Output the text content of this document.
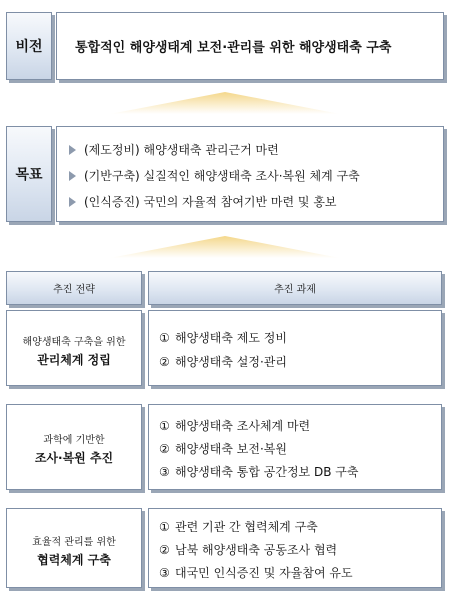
비전	통합적인 해양생태계 보전·관리를 위한 해양생태축 구축
목표
(제도정비) 해양생태축 관리근거 마련
(기반구축) 실질적인 해양생태축 조사·복원 체계 구축
(인식증진) 국민의 자율적 참여기반 마련 및 홍보
추진 전략	추진 과제
해양생태축 구축을 위한
관리체계 정립
① 해양생태축 제도 정비
② 해양생태축 설정·관리
과학에 기반한
조사·복원 추진
① 해양생태축 조사체계 마련
② 해양생태축 보전·복원
③ 해양생태축 통합 공간정보 DB 구축
효율적 관리를 위한
협력체계 구축
① 관련 기관 간 협력체계 구축
② 남북 해양생태축 공동조사 협력
③ 대국민 인식증진 및 자율참여 유도
